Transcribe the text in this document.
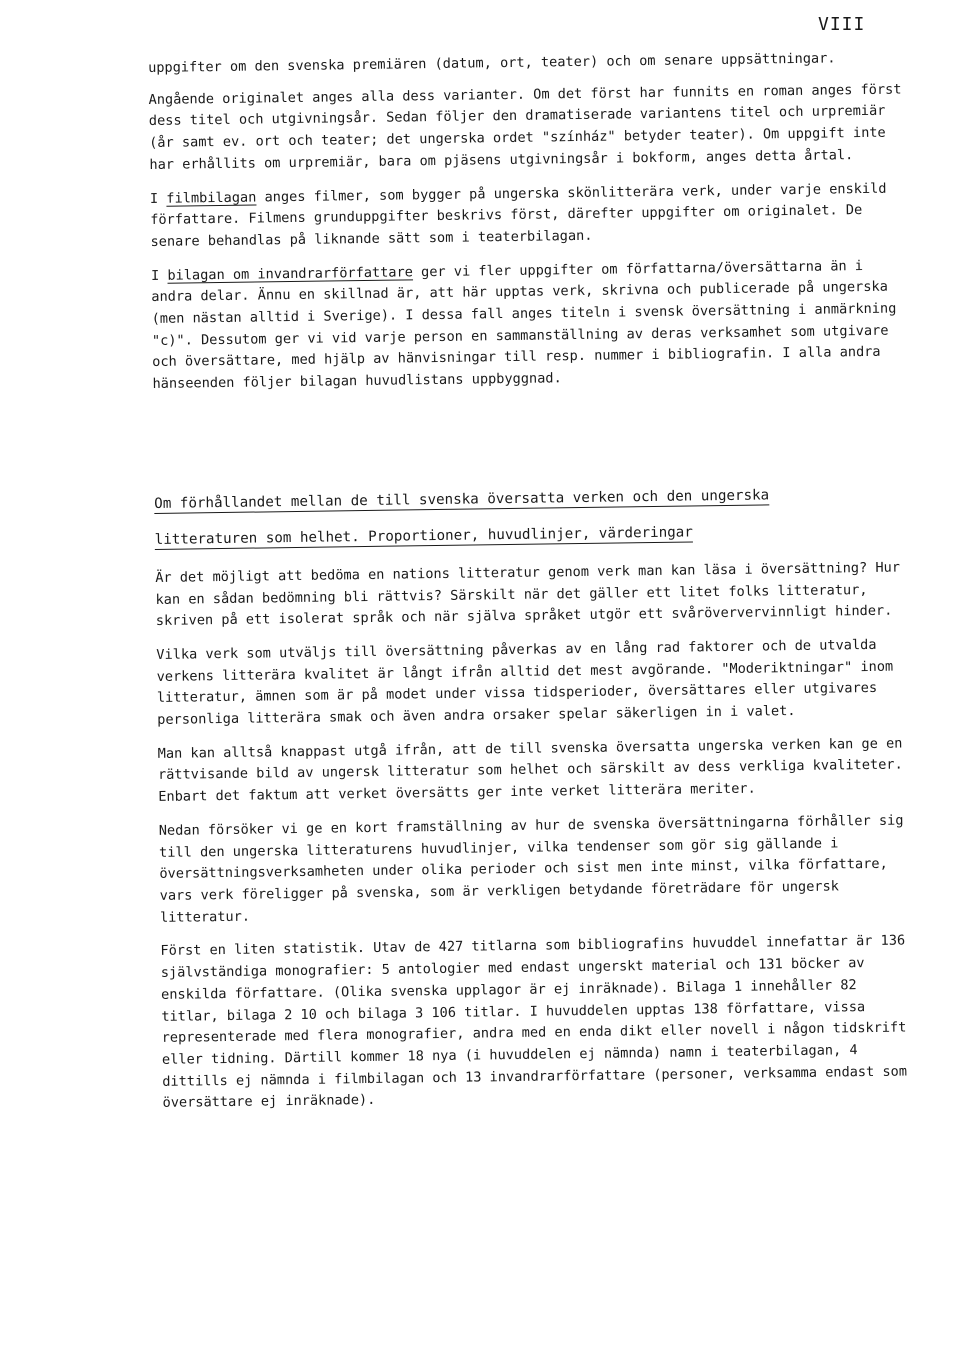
VIII

uppgifter om den svenska premiären (datum, ort, teater) och om senare uppsättningar.

Angående originalet anges alla dess varianter. Om det först har funnits en roman anges först dess titel och utgivningsår. Sedan följer den dramatiserade variantens titel och urpremiär (år samt ev. ort och teater; det ungerska ordet "színház" betyder teater). Om uppgift inte har erhållits om urpremiär, bara om pjäsens utgivningsår i bokform, anges detta årtal.

I filmbilagan anges filmer, som bygger på ungerska skönlitterära verk, under varje enskild författare. Filmens grunduppgifter beskrivs först, därefter uppgifter om originalet. De senare behandlas på liknande sätt som i teaterbilagan.

I bilagan om invandrarförfattare ger vi fler uppgifter om författarna/översättarna än i andra delar. Ännu en skillnad är, att här upptas verk, skrivna och publicerade på ungerska (men nästan alltid i Sverige). I dessa fall anges titeln i svensk översättning i anmärkning "c)". Dessutom ger vi vid varje person en sammanställning av deras verksamhet som utgivare och översättare, med hjälp av hänvisningar till resp. nummer i bibliografin. I alla andra hänseenden följer bilagan huvudlistans uppbyggnad.

Om förhållandet mellan de till svenska översatta verken och den ungerska
litteraturen som helhet. Proportioner, huvudlinjer, värderingar

Är det möjligt att bedöma en nations litteratur genom verk man kan läsa i översättning? Hur kan en sådan bedömning bli rättvis? Särskilt när det gäller ett litet folks litteratur, skriven på ett isolerat språk och när själva språket utgör ett svåröververvinnligt hinder.

Vilka verk som utväljs till översättning påverkas av en lång rad faktorer och de utvalda verkens litterära kvalitet är långt ifrån alltid det mest avgörande. "Moderiktningar" inom litteratur, ämnen som är på modet under vissa tidsperioder, översättares eller utgivares personliga litterära smak och även andra orsaker spelar säkerligen in i valet.

Man kan alltså knappast utgå ifrån, att de till svenska översatta ungerska verken kan ge en rättvisande bild av ungersk litteratur som helhet och särskilt av dess verkliga kvaliteter. Enbart det faktum att verket översätts ger inte verket litterära meriter.

Nedan försöker vi ge en kort framställning av hur de svenska översättningarna förhåller sig till den ungerska litteraturens huvudlinjer, vilka tendenser som gör sig gällande i översättningsverksamheten under olika perioder och sist men inte minst, vilka författare, vars verk föreligger på svenska, som är verkligen betydande företrädare för ungersk litteratur.

Först en liten statistik. Utav de 427 titlarna som bibliografins huvuddel innefattar är 136 självständiga monografier: 5 antologier med endast ungerskt material och 131 böcker av enskilda författare. (Olika svenska upplagor är ej inräknade). Bilaga 1 innehåller 82 titlar, bilaga 2 10 och bilaga 3 106 titlar. I huvuddelen upptas 138 författare, vissa representerade med flera monografier, andra med en enda dikt eller novell i någon tidskrift eller tidning. Därtill kommer 18 nya (i huvuddelen ej nämnda) namn i teaterbilagan, 4 dittills ej nämnda i filmbilagan och 13 invandrarförfattare (personer, verksamma endast som översättare ej inräknade).
